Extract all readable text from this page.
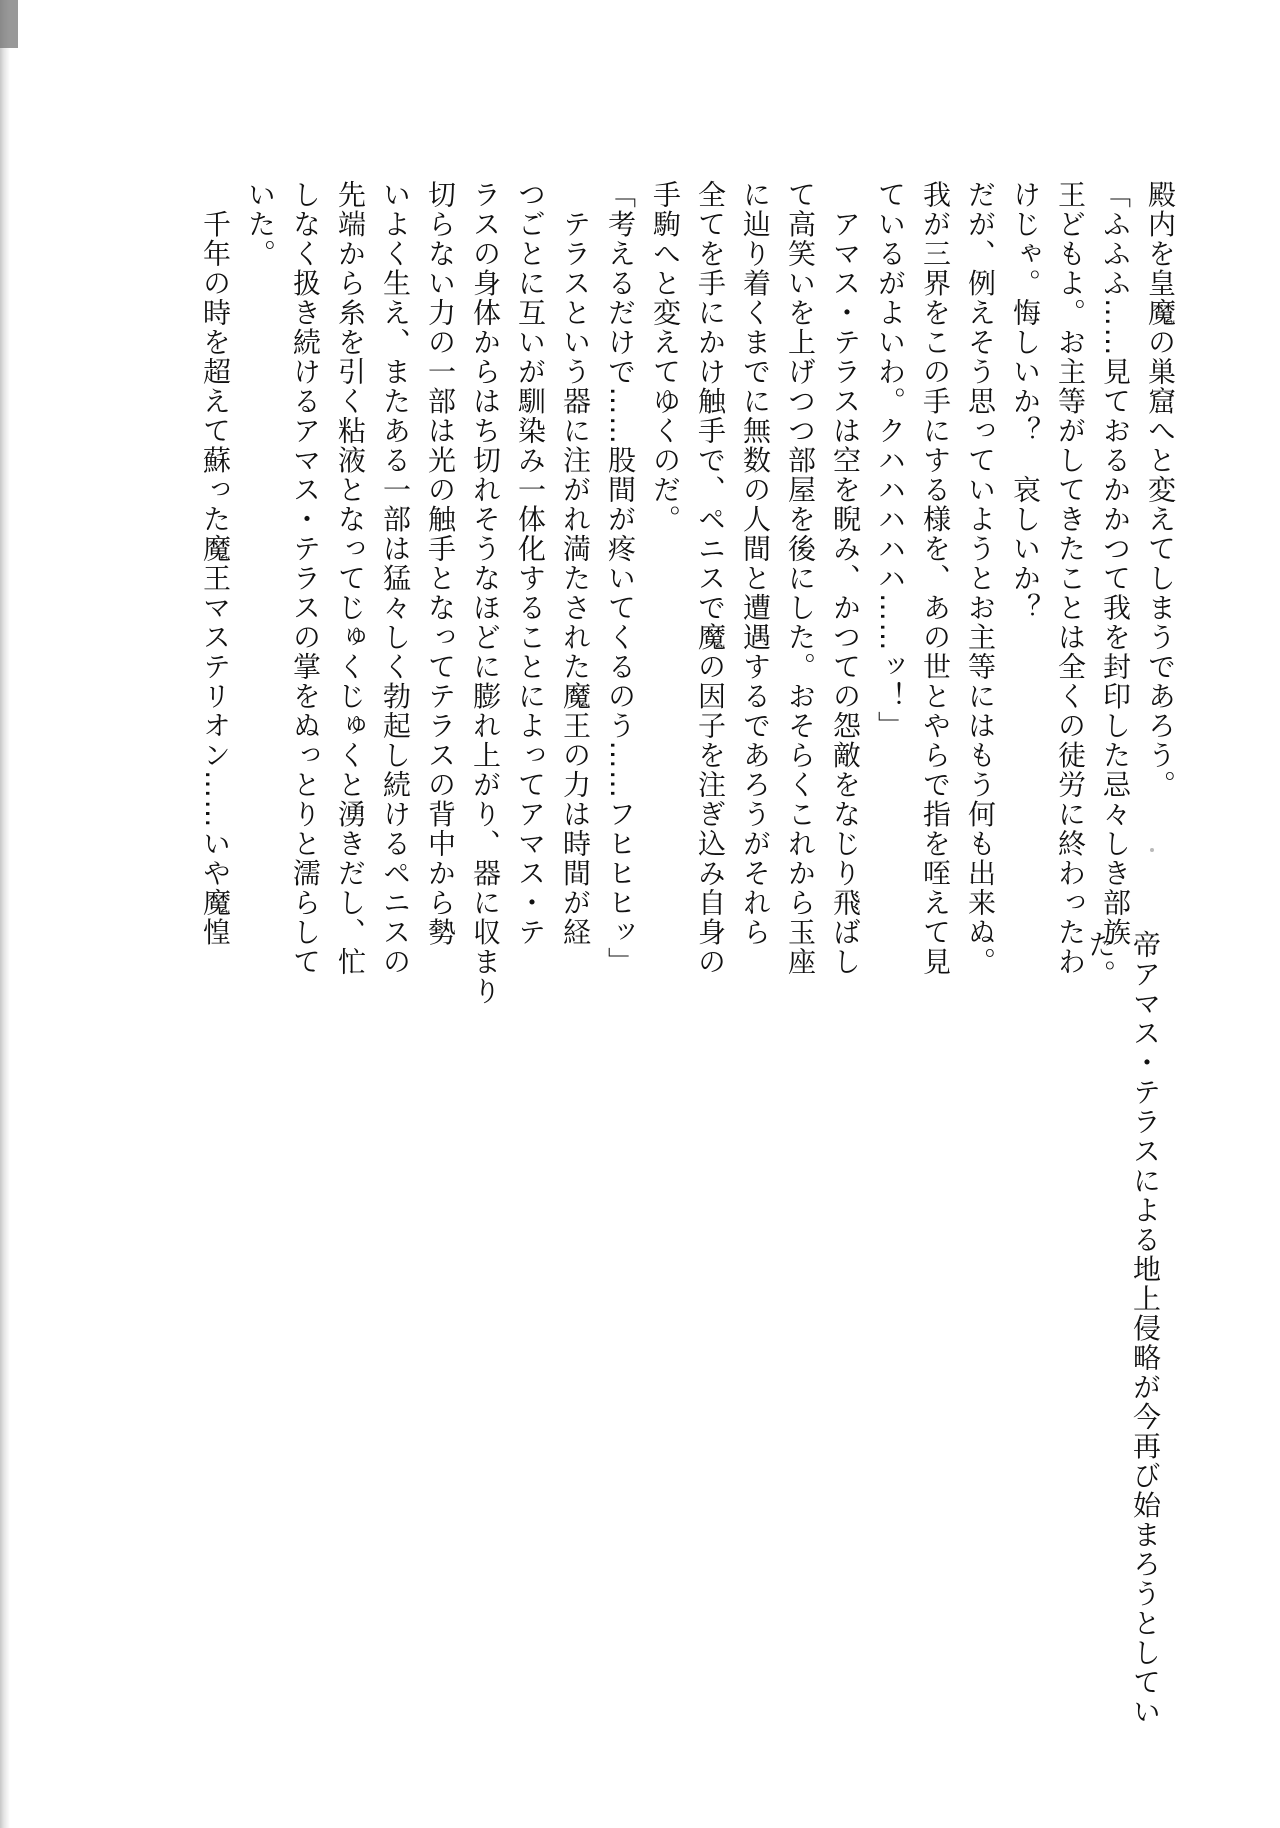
殿内を皇魔の巣窟へと変えてしまうであろう。
「ふふふ……見ておるかかつて我を封印した忌々しき部族
王どもよ。お主等がしてきたことは全くの徒労に終わったわ
けじゃ。悔しいか？　哀しいか？
だが、例えそう思っていようとお主等にはもう何も出来ぬ。
我が三界をこの手にする様を、あの世とやらで指を咥えて見
ているがよいわ。クハハハハハ……ッ！」
　アマス・テラスは空を睨み、かつての怨敵をなじり飛ばし
て高笑いを上げつつ部屋を後にした。おそらくこれから玉座
に辿り着くまでに無数の人間と遭遇するであろうがそれら
全てを手にかけ触手で、ペニスで魔の因子を注ぎ込み自身の
手駒へと変えてゆくのだ。
「考えるだけで……股間が疼いてくるのう……フヒヒヒッ」
　テラスという器に注がれ満たされた魔王の力は時間が経
つごとに互いが馴染み一体化することによってアマス・テ
ラスの身体からはち切れそうなほどに膨れ上がり、器に収まり
切らない力の一部は光の触手となってテラスの背中から勢
いよく生え、またある一部は猛々しく勃起し続けるペニスの
先端から糸を引く粘液となってじゅくじゅくと湧きだし、忙
しなく扱き続けるアマス・テラスの掌をぬっとりと濡らして
いた。
　千年の時を超えて蘇った魔王マステリオン……いや魔惶
帝アマス・テラスによる地上侵略が今再び始まろうとしてい
た。
